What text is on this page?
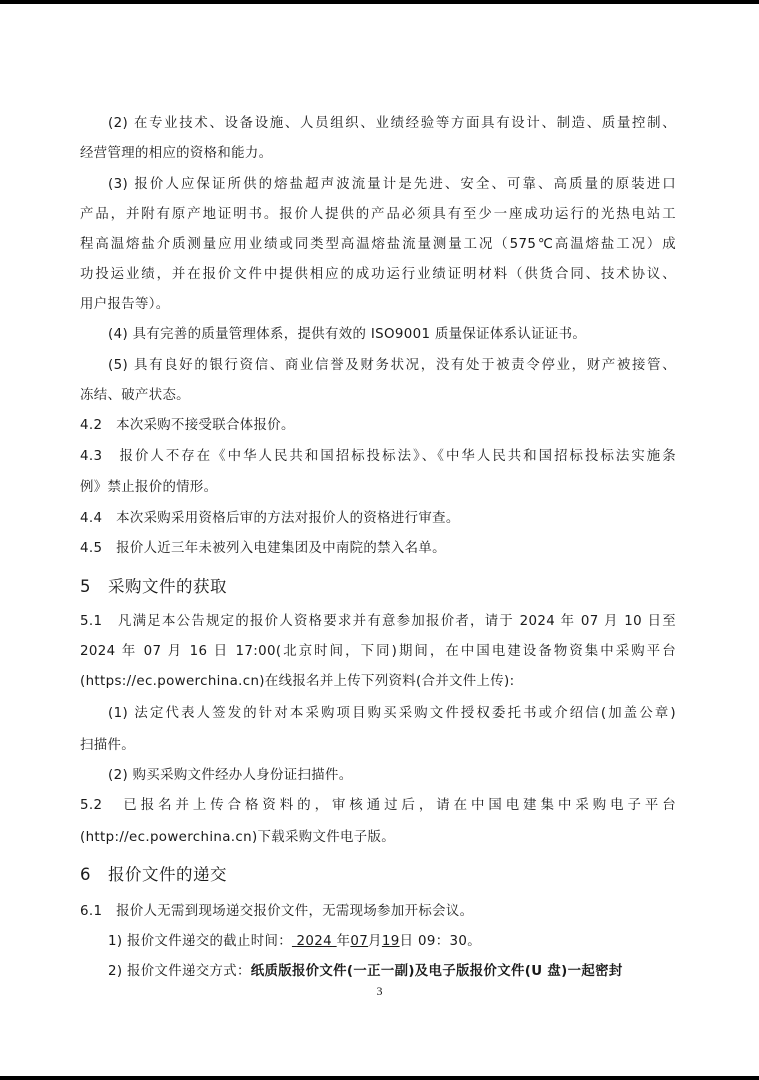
(2) 在专业技术、设备设施、人员组织、业绩经验等方面具有设计、制造、质量控制、
经营管理的相应的资格和能力。
(3) 报价人应保证所供的熔盐超声波流量计是先进、安全、可靠、高质量的原装进口
产品，并附有原产地证明书。报价人提供的产品必须具有至少一座成功运行的光热电站工
程高温熔盐介质测量应用业绩或同类型高温熔盐流量测量工况（575℃高温熔盐工况）成
功投运业绩，并在报价文件中提供相应的成功运行业绩证明材料（供货合同、技术协议、
用户报告等）。
(4) 具有完善的质量管理体系，提供有效的 ISO9001 质量保证体系认证证书。
(5) 具有良好的银行资信、商业信誉及财务状况，没有处于被责令停业，财产被接管、
冻结、破产状态。
4.2　本次采购不接受联合体报价。
4.3　报价人不存在《中华人民共和国招标投标法》、《中华人民共和国招标投标法实施条
例》禁止报价的情形。
4.4　本次采购采用资格后审的方法对报价人的资格进行审查。
4.5　报价人近三年未被列入电建集团及中南院的禁入名单。
5　采购文件的获取
5.1　凡满足本公告规定的报价人资格要求并有意参加报价者，请于 2024 年 07 月 10 日至
2024 年 07 月 16 日 17:00(北京时间，下同)期间，在中国电建设备物资集中采购平台
(https://ec.powerchina.cn)在线报名并上传下列资料(合并文件上传):
(1) 法定代表人签发的针对本采购项目购买采购文件授权委托书或介绍信(加盖公章)
扫描件。
(2) 购买采购文件经办人身份证扫描件。
5.2　已报名并上传合格资料的，审核通过后，请在中国电建集中采购电子平台
(http://ec.powerchina.cn)下载采购文件电子版。
6　报价文件的递交
6.1　报价人无需到现场递交报价文件，无需现场参加开标会议。
1) 报价文件递交的截止时间： 2024 年07月19日 09：30。
2) 报价文件递交方式：纸质版报价文件(一正一副)及电子版报价文件(U 盘)一起密封
3
